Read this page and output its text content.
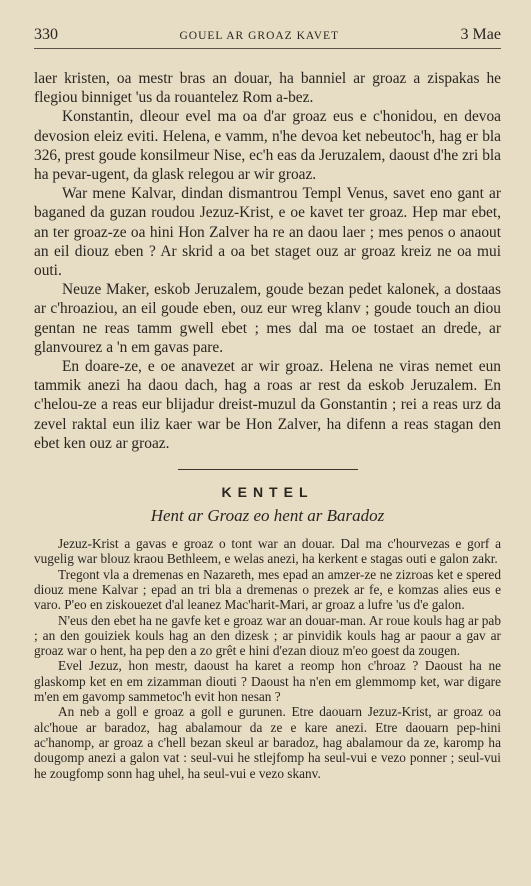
330	GOUEL AR GROAZ KAVET	3 Mae

laer kristen, oa mestr bras an douar, ha banniel ar groaz a zispakas he flegiou binniget 'us da rouantelez Rom a-bez.

Konstantin, dleour evel ma oa d'ar groaz eus e c'honidou, en devoa devosion eleiz eviti. Helena, e vamm, n'he devoa ket nebeutoc'h, hag er bla 326, prest goude konsilmeur Nise, ec'h eas da Jeruzalem, daoust d'he zri bla ha pevar-ugent, da glask relegou ar wir groaz.

War mene Kalvar, dindan dismantrou Templ Venus, savet eno gant ar baganed da guzan roudou Jezuz-Krist, e oe kavet ter groaz. Hep mar ebet, an ter groaz-ze oa hini Hon Zalver ha re an daou laer ; mes penos o anaout an eil diouz eben ? Ar skrid a oa bet staget ouz ar groaz kreiz ne oa mui outi.

Neuze Maker, eskob Jeruzalem, goude bezan pedet kalonek, a dostaas ar c'hroaziou, an eil goude eben, ouz eur wreg klanv ; goude touch an diou gentan ne reas tamm gwell ebet ; mes dal ma oe tostaet an drede, ar glanvourez a 'n em gavas pare.

En doare-ze, e oe anavezet ar wir groaz. Helena ne viras nemet eun tammik anezi ha daou dach, hag a roas ar rest da eskob Jeruzalem. En c'helou-ze a reas eur blijadur dreist-muzul da Gonstantin ; rei a reas urz da zevel raktal eun iliz kaer war be Hon Zalver, ha difenn a reas stagan den ebet ken ouz ar groaz.

KENTEL
Hent ar Groaz eo hent ar Baradoz

Jezuz-Krist a gavas e groaz o tont war an douar. Dal ma c'hourvezas e gorf a vugelig war blouz kraou Bethleem, e welas anezi, ha kerkent e stagas outi e galon zakr.

Tregont vla a dremenas en Nazareth, mes epad an amzer-ze ne zizroas ket e spered diouz mene Kalvar ; epad an tri bla a dremenas o prezek ar fe, e komzas alies eus e varo. P'eo en ziskouezet d'al leanez Mac'harit-Mari, ar groaz a lufre 'us d'e galon.

N'eus den ebet ha ne gavfe ket e groaz war an douar-man. Ar roue kouls hag ar pab ; an den gouiziek kouls hag an den dizesk ; ar pinvidik kouls hag ar paour a gav ar groaz war o hent, ha pep den a zo grêt e hini d'ezan diouz m'eo goest da zougen.

Evel Jezuz, hon mestr, daoust ha karet a reomp hon c'hroaz ? Daoust ha ne glaskomp ket en em zizamman diouti ? Daoust ha n'en em glemmomp ket, war digare m'en em gavomp sammetoc'h evit hon nesan ?

An neb a goll e groaz a goll e gurunen. Etre daouarn Jezuz-Krist, ar groaz oa alc'houe ar baradoz, hag abalamour da ze e kare anezi. Etre daouarn pep-hini ac'hanomp, ar groaz a c'hell bezan skeul ar baradoz, hag abalamour da ze, karomp ha dougomp anezi a galon vat : seul-vui he stlejfomp ha seul-vui e vezo ponner ; seul-vui he zougfomp sonn hag uhel, ha seul-vui e vezo skanv.
